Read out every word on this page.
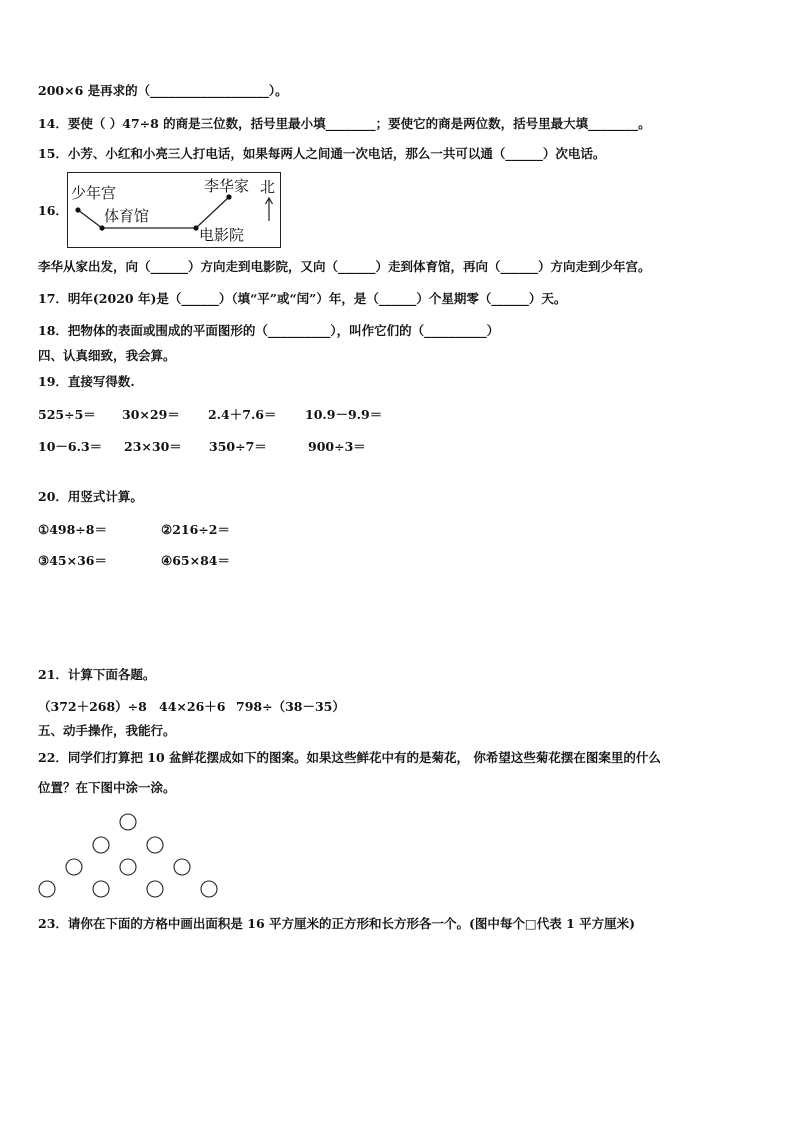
200×6 是再求的（___________________）。
14．要使（ ）47÷8 的商是三位数，括号里最小填________；要使它的商是两位数，括号里最大填________。
15．小芳、小红和小亮三人打电话，如果每两人之间通一次电话，那么一共可以通（______）次电话。
16．
少年宫
体育馆
李华家 北
电影院
李华从家出发，向（______）方向走到电影院，又向（______）走到体育馆，再向（______）方向走到少年宫。
17．明年(2020 年)是（______）（填“平”或“闰”）年，是（______）个星期零（______）天。
18．把物体的表面或围成的平面图形的（__________），叫作它们的（__________）
四、认真细致，我会算。
19．直接写得数.
525÷5＝ 30×29＝ 2.4＋7.6＝ 10.9－9.9＝
10－6.3＝ 23×30＝ 350÷7＝	900÷3＝
20．用竖式计算。
①498÷8＝	②216÷2＝
③45×36＝	④65×84＝
21．计算下面各题。
（372＋268）÷8 44×26＋6 798÷（38－35）
五、动手操作，我能行。
22．同学们打算把 10 盆鲜花摆成如下的图案。如果这些鲜花中有的是菊花， 你希望这些菊花摆在图案里的什么
位置？在下图中涂一涂。
23．请你在下面的方格中画出面积是 16 平方厘米的正方形和长方形各一个。(图中每个□代表 1 平方厘米)
